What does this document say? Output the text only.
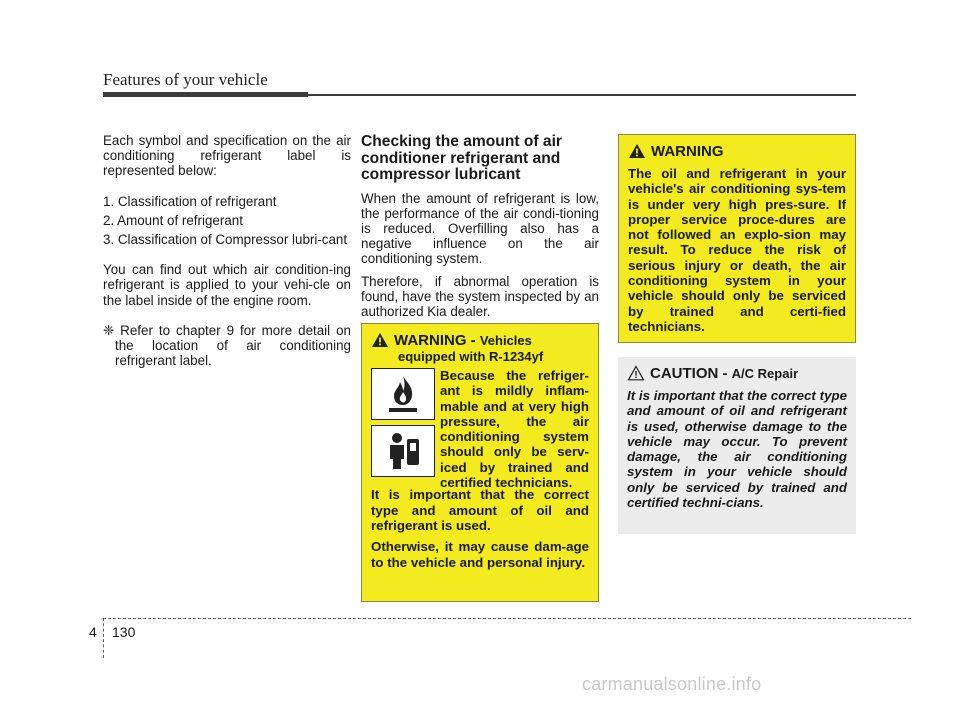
Features of your vehicle

Each symbol and specification on the air conditioning refrigerant label is represented below:

1. Classification of refrigerant

2. Amount of refrigerant

3. Classification of Compressor lubri-cant

You can find out which air condition-ing refrigerant is applied to your vehi-cle on the label inside of the engine room.

❈ Refer to chapter 9 for more detail on the location of air conditioning refrigerant label.

Checking the amount of air conditioner refrigerant and compressor lubricant

When the amount of refrigerant is low, the performance of the air condi-tioning is reduced. Overfilling also has a negative influence on the air conditioning system.

Therefore, if abnormal operation is found, have the system inspected by an authorized Kia dealer.

WARNING - Vehicles
equipped with R-1234yf
Because the refriger-ant is mildly inflam-mable and at very high pressure, the air conditioning system should only be serv-iced by trained and certified technicians.

It is important that the correct type and amount of oil and refrigerant is used.

Otherwise, it may cause dam-age to the vehicle and personal injury.

WARNING

The oil and refrigerant in your vehicle's air conditioning sys-tem is under very high pres-sure. If proper service proce-dures are not followed an explo-sion may result. To reduce the risk of serious injury or death, the air conditioning system in your vehicle should only be serviced by trained and certi-fied technicians.

CAUTION - A/C Repair

It is important that the correct type and amount of oil and refrigerant is used, otherwise damage to the vehicle may occur. To prevent damage, the air conditioning system in your vehicle should only be serviced by trained and certified techni-cians.

4 130
carmanualsonline.info
